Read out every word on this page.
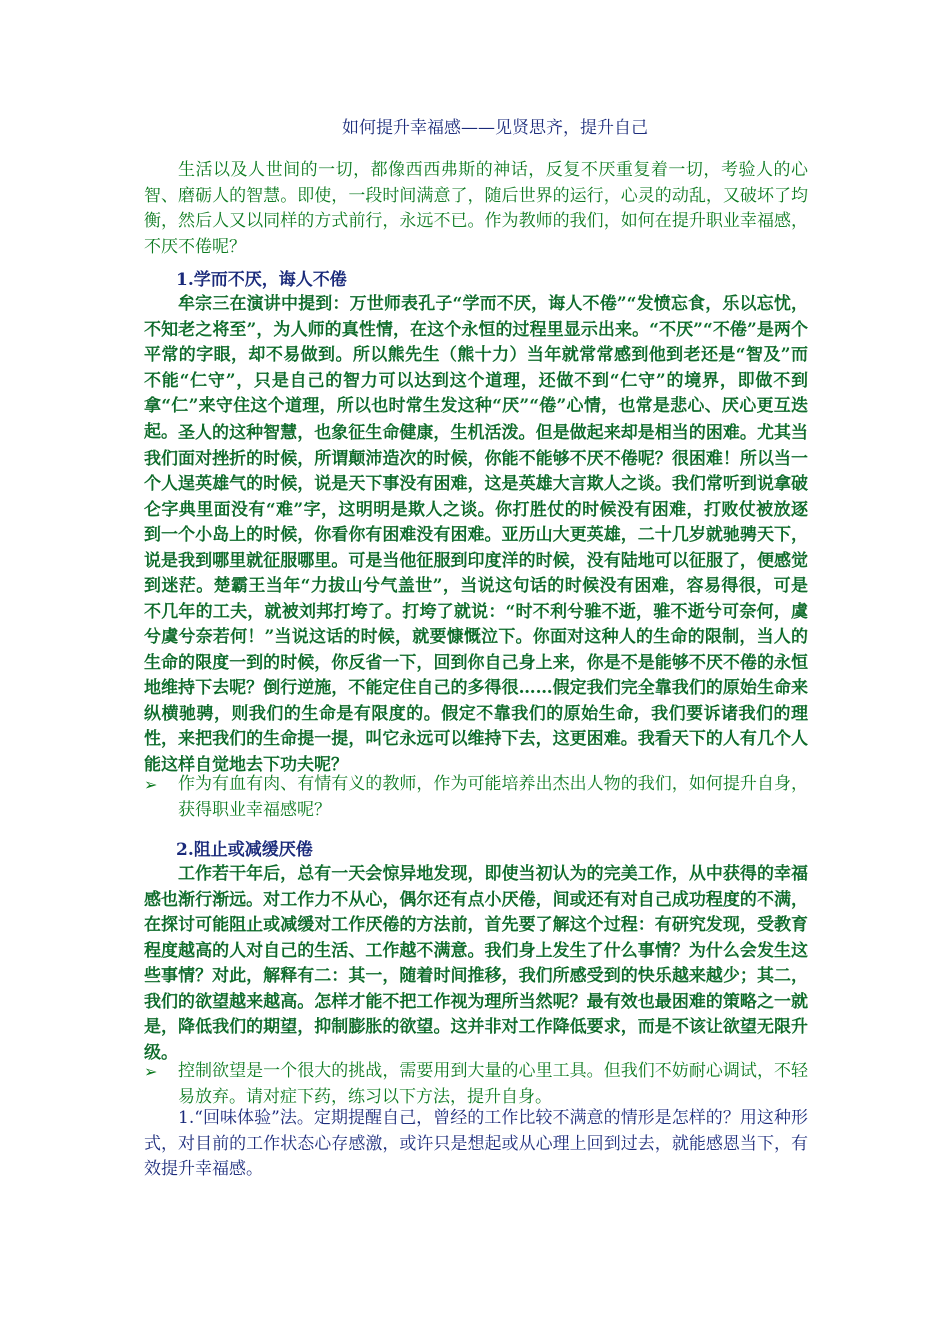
如何提升幸福感——见贤思齐，提升自己

生活以及人世间的一切，都像西西弗斯的神话，反复不厌重复着一切，考验人的心智、磨砺人的智慧。即使，一段时间满意了，随后世界的运行，心灵的动乱，又破坏了均衡，然后人又以同样的方式前行，永远不已。作为教师的我们，如何在提升职业幸福感，不厌不倦呢？

1.学而不厌，诲人不倦

牟宗三在演讲中提到：万世师表孔子“学而不厌，诲人不倦”“发愤忘食，乐以忘忧，不知老之将至”，为人师的真性情，在这个永恒的过程里显示出来。“不厌”“不倦”是两个平常的字眼，却不易做到。所以熊先生（熊十力）当年就常常感到他到老还是“智及”而不能“仁守”，只是自己的智力可以达到这个道理，还做不到“仁守”的境界，即做不到拿“仁”来守住这个道理，所以也时常生发这种“厌”“倦”心情，也常是悲心、厌心更互迭起。 圣人的这种智慧，也象征生命健康，生机活泼。但是做起来却是相当的困难。尤其当我们面对挫折的时候，所谓颠沛造次的时候，你能不能够不厌不倦呢？很困难！所以当一个人逞英雄气的时候，说是天下事没有困难，这是英雄大言欺人之谈。我们常听到说拿破仑字典里面没有“难”字，这明明是欺人之谈。你打胜仗的时候没有困难，打败仗被放逐到一个小岛上的时候，你看你有困难没有困难。亚历山大更英雄，二十几岁就驰骋天下，说是我到哪里就征服哪里。可是当他征服到印度洋的时候，没有陆地可以征服了，便感觉到迷茫。楚霸王当年“力拔山兮气盖世”，当说这句话的时候没有困难，容易得很，可是不几年的工夫，就被刘邦打垮了。打垮了就说：“时不利兮骓不逝，骓不逝兮可奈何，虞兮虞兮奈若何！”当说这话的时候，就要慷慨泣下。你面对这种人的生命的限制，当人的生命的限度一到的时候，你反省一下，回到你自己身上来，你是不是能够不厌不倦的永恒地维持下去呢？倒行逆施，不能定住自己的多得很……假定我们完全靠我们的原始生命来纵横驰骋，则我们的生命是有限度的。假定不靠我们的原始生命，我们要诉诸我们的理性，来把我们的生命提一提，叫它永远可以维持下去，这更困难。我看天下的人有几个人能这样自觉地去下功夫呢？

➢ 作为有血有肉、有情有义的教师，作为可能培养出杰出人物的我们，如何提升自身，获得职业幸福感呢？

2.阻止或减缓厌倦

工作若干年后，总有一天会惊异地发现，即使当初认为的完美工作，从中获得的幸福感也渐行渐远。对工作力不从心，偶尔还有点小厌倦，间或还有对自己成功程度的不满，在探讨可能阻止或减缓对工作厌倦的方法前，首先要了解这个过程：有研究发现，受教育程度越高的人对自己的生活、工作越不满意。我们身上发生了什么事情？为什么会发生这些事情？对此，解释有二：其一，随着时间推移，我们所感受到的快乐越来越少；其二，我们的欲望越来越高。怎样才能不把工作视为理所当然呢？最有效也最困难的策略之一就是，降低我们的期望，抑制膨胀的欲望。这并非对工作降低要求，而是不该让欲望无限升级。

➢ 控制欲望是一个很大的挑战，需要用到大量的心里工具。但我们不妨耐心调试，不轻易放弃。请对症下药，练习以下方法，提升自身。

1.“回味体验”法。定期提醒自己，曾经的工作比较不满意的情形是怎样的？用这种形式，对目前的工作状态心存感激，或许只是想起或从心理上回到过去，就能感恩当下，有效提升幸福感。
